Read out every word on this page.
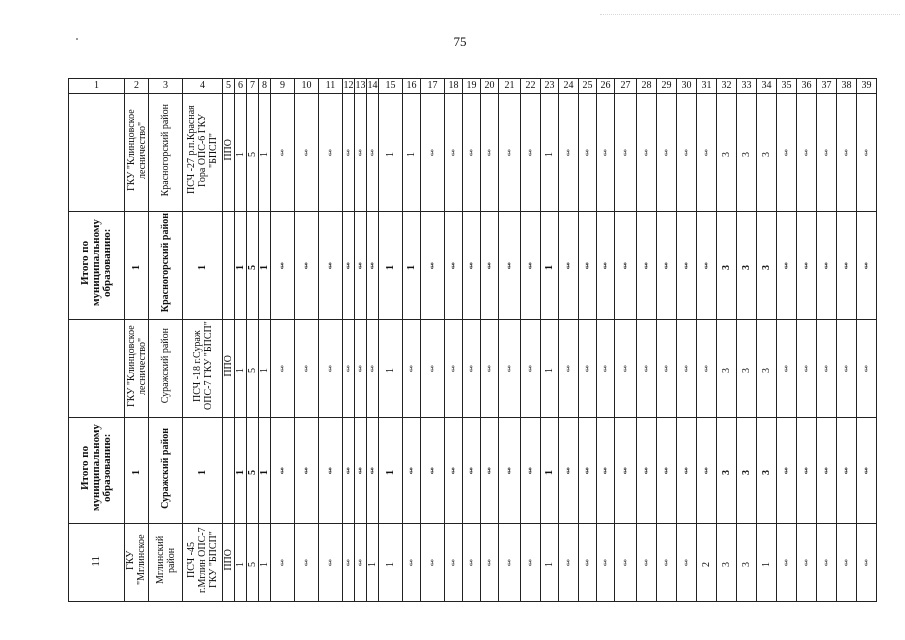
75
1	2	3	4	5	6	7	8	9	10	11	12	13	14	15	16	17	18	19	20	21	22	23	24	25	26	27	28	29	30	31	32	33	34	35	36	37	38	39
	ГКУ "Клинцовское лесничество"	Красногорский район	ПСЧ -27 р.п.Красная Гора ОПС-6 ГКУ "БПСП"	ППО	1	5	1	«-»	«-»	«-»	«-»	«-»	«-»	1	1	«-»	«-»	«-»	«-»	«-»	«-»	1	«-»	«-»	«-»	«-»	«-»	«-»	«-»	«-»	3	3	3	«-»	«-»	«-»	«-»	«-»
Итого по муниципальному образованию:	1	Красногорский район	1		1	5	1	«-»	«-»	«-»	«-»	«-»	«-»	1	1	«-»	«-»	«-»	«-»	«-»	«-»	1	«-»	«-»	«-»	«-»	«-»	«-»	«-»	«-»	3	3	3	«-»	«-»	«-»	«-»	«-»
	ГКУ "Клинцовское лесничество"	Суражский район	ПСЧ -18 г.Сураж ОПС-7 ГКУ "БПСП"	ППО	1	5	1	«-»	«-»	«-»	«-»	«-»	«-»	1	«-»	«-»	«-»	«-»	«-»	«-»	«-»	1	«-»	«-»	«-»	«-»	«-»	«-»	«-»	«-»	3	3	3	«-»	«-»	«-»	«-»	«-»
Итого по муниципальному образованию:	1	Суражский район	1		1	5	1	«-»	«-»	«-»	«-»	«-»	«-»	1	«-»	«-»	«-»	«-»	«-»	«-»	«-»	1	«-»	«-»	«-»	«-»	«-»	«-»	«-»	«-»	3	3	3	«-»	«-»	«-»	«-»	«-»
11	ГКУ "Мглинское	Мглинский район	ПСЧ -45 г.Мглин ОПС-7 ГКУ "БПСП"	ППО	1	5	1	«-»	«-»	«-»	«-»	«-»	1	1	«-»	«-»	«-»	«-»	«-»	«-»	«-»	1	«-»	«-»	«-»	«-»	«-»	«-»	«-»	2	3	3	1	«-»	«-»	«-»	«-»	«-»
